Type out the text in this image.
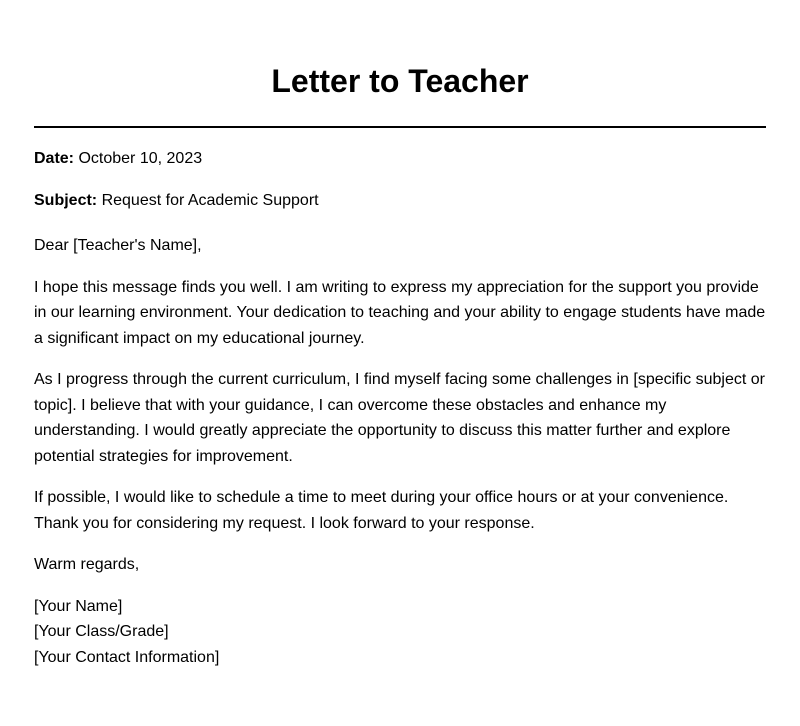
Letter to Teacher
Date: October 10, 2023
Subject: Request for Academic Support

Dear [Teacher's Name],

I hope this message finds you well. I am writing to express my appreciation for the support you provide in our learning environment. Your dedication to teaching and your ability to engage students have made a significant impact on my educational journey.

As I progress through the current curriculum, I find myself facing some challenges in [specific subject or topic]. I believe that with your guidance, I can overcome these obstacles and enhance my understanding. I would greatly appreciate the opportunity to discuss this matter further and explore potential strategies for improvement.

If possible, I would like to schedule a time to meet during your office hours or at your convenience. Thank you for considering my request. I look forward to your response.

Warm regards,

[Your Name]
[Your Class/Grade]
[Your Contact Information]
